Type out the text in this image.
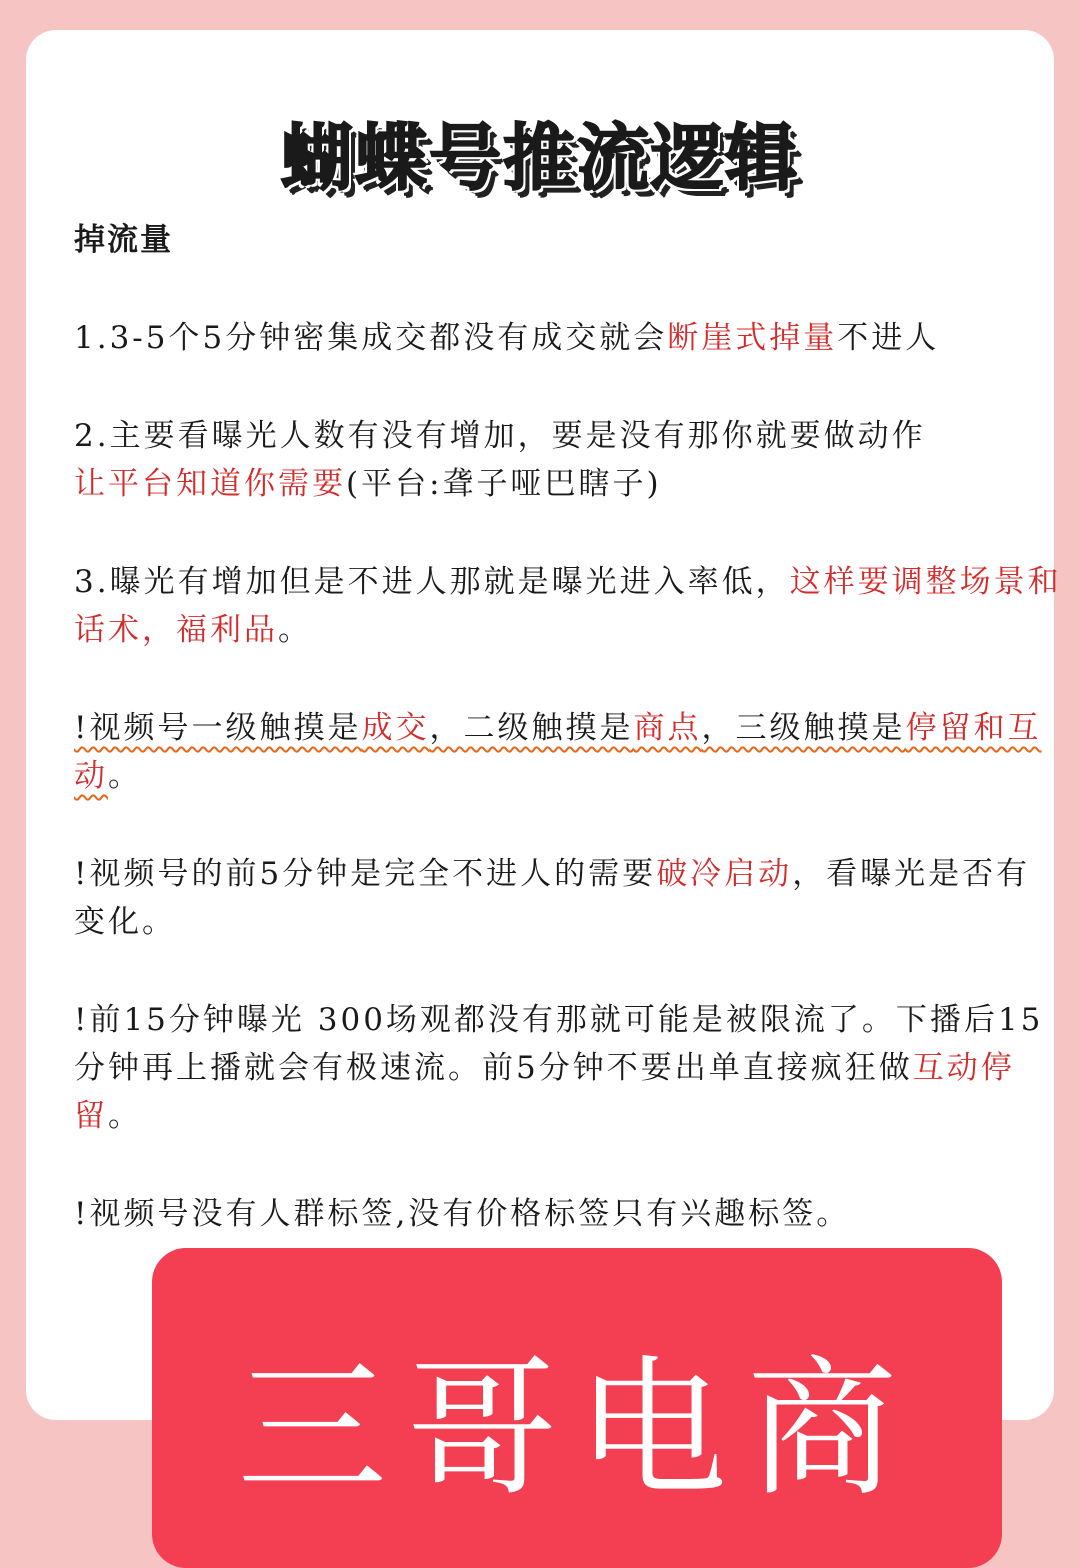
蝴蝶号推流逻辑

掉流量

1.3-5个5分钟密集成交都没有成交就会断崖式掉量不进人

2.主要看曝光人数有没有增加，要是没有那你就要做动作
让平台知道你需要(平台:聋子哑巴瞎子)

3.曝光有增加但是不进人那就是曝光进入率低，这样要调整场景和话术，福利品。

!视频号一级触摸是成交，二级触摸是商点，三级触摸是停留和互动。

!视频号的前5分钟是完全不进人的需要破冷启动，看曝光是否有变化。

!前15分钟曝光 300场观都没有那就可能是被限流了。下播后15分钟再上播就会有极速流。前5分钟不要出单直接疯狂做互动停留。

!视频号没有人群标签,没有价格标签只有兴趣标签。

三哥电商
